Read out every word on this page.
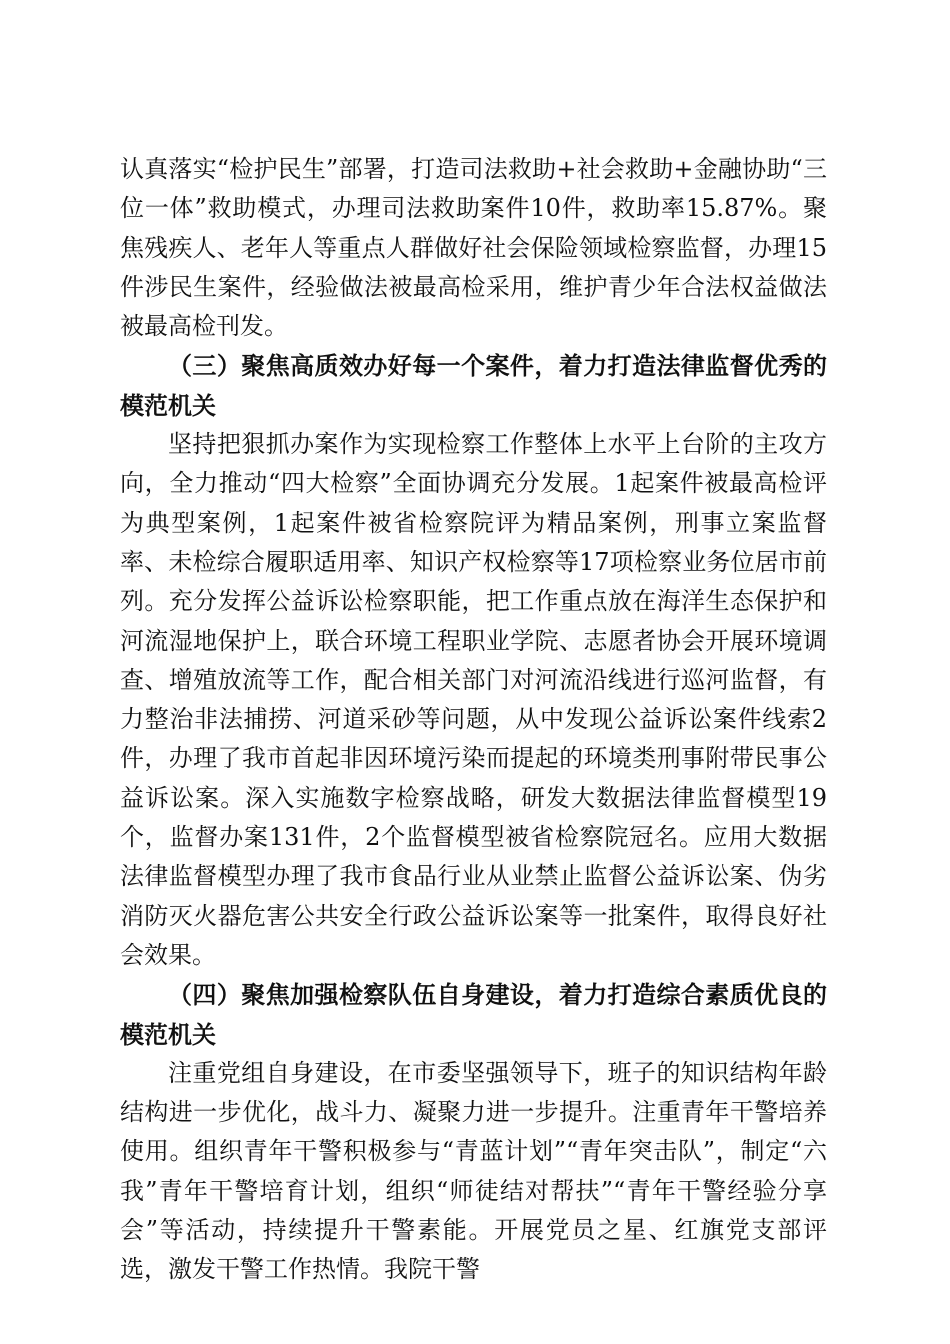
认真落实“检护民生”部署，打造司法救助+社会救助+金融协助“三位一体”救助模式，办理司法救助案件10件，救助率15.87%。聚焦残疾人、老年人等重点人群做好社会保险领域检察监督，办理15件涉民生案件，经验做法被最高检采用，维护青少年合法权益做法被最高检刊发。

（三）聚焦高质效办好每一个案件，着力打造法律监督优秀的模范机关

坚持把狠抓办案作为实现检察工作整体上水平上台阶的主攻方向，全力推动“四大检察”全面协调充分发展。1起案件被最高检评为典型案例，1起案件被省检察院评为精品案例，刑事立案监督率、未检综合履职适用率、知识产权检察等17项检察业务位居市前列。充分发挥公益诉讼检察职能，把工作重点放在海洋生态保护和河流湿地保护上，联合环境工程职业学院、志愿者协会开展环境调查、增殖放流等工作，配合相关部门对河流沿线进行巡河监督，有力整治非法捕捞、河道采砂等问题，从中发现公益诉讼案件线索2件，办理了我市首起非因环境污染而提起的环境类刑事附带民事公益诉讼案。深入实施数字检察战略，研发大数据法律监督模型19个，监督办案131件，2个监督模型被省检察院冠名。应用大数据法律监督模型办理了我市食品行业从业禁止监督公益诉讼案、伪劣消防灭火器危害公共安全行政公益诉讼案等一批案件，取得良好社会效果。

（四）聚焦加强检察队伍自身建设，着力打造综合素质优良的模范机关

注重党组自身建设，在市委坚强领导下，班子的知识结构年龄结构进一步优化，战斗力、凝聚力进一步提升。注重青年干警培养使用。组织青年干警积极参与“青蓝计划”“青年突击队”，制定“六我”青年干警培育计划，组织“师徒结对帮扶”“青年干警经验分享会”等活动，持续提升干警素能。开展党员之星、红旗党支部评选，激发干警工作热情。我院干警
